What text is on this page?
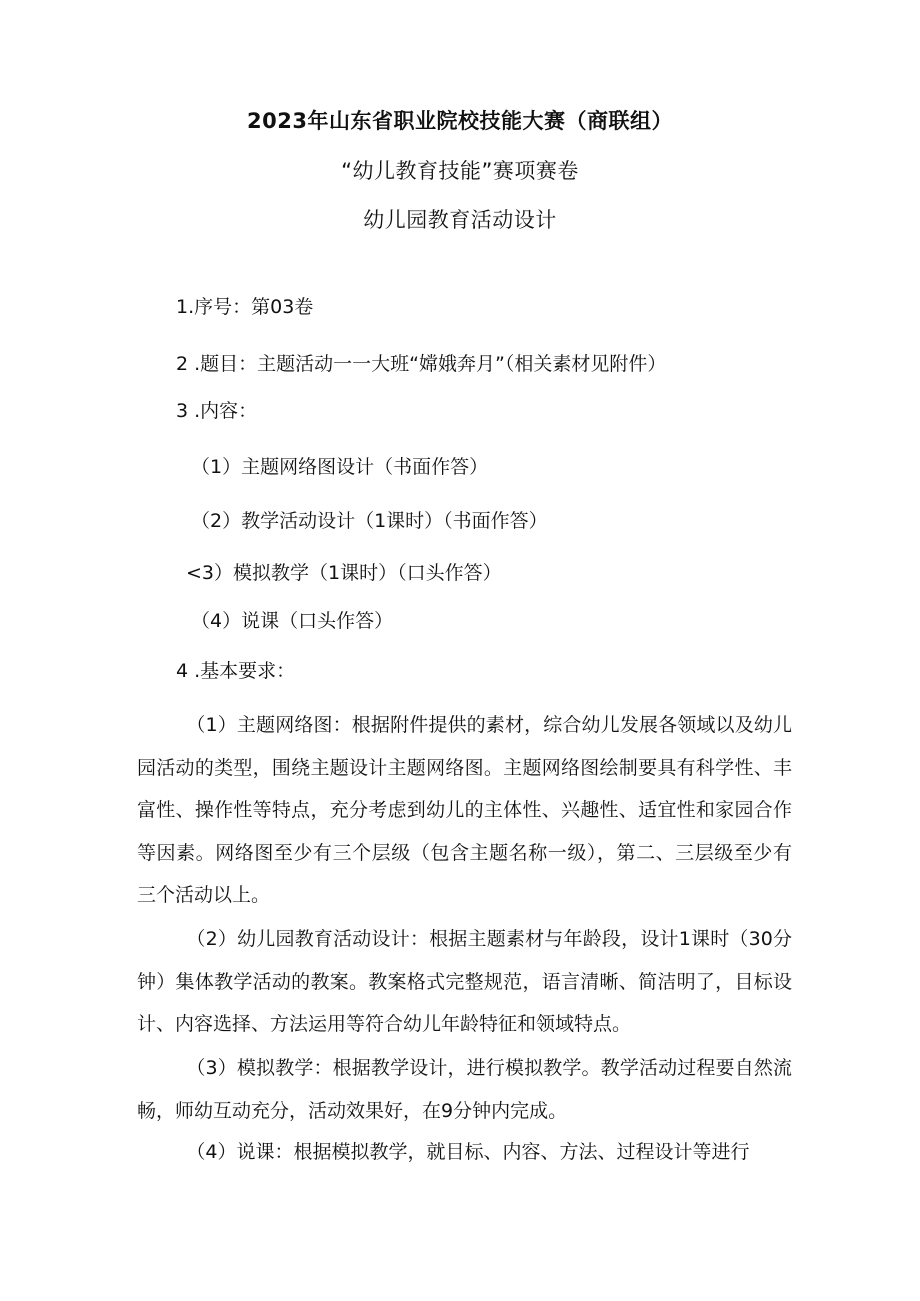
2023年山东省职业院校技能大赛（商联组）
“幼儿教育技能”赛项赛卷
幼儿园教育活动设计
1.序号：第03卷
2 .题目：主题活动一一大班“嫦娥奔月”（相关素材见附件）
3 .内容：
（1）主题网络图设计（书面作答）
（2）教学活动设计（1课时）（书面作答）
<3）模拟教学（1课时）（口头作答）
（4）说课（口头作答）
4 .基本要求：
（1）主题网络图：根据附件提供的素材，综合幼儿发展各领域以及幼儿园活动的类型，围绕主题设计主题网络图。主题网络图绘制要具有科学性、丰富性、操作性等特点，充分考虑到幼儿的主体性、兴趣性、适宜性和家园合作等因素。网络图至少有三个层级（包含主题名称一级），第二、三层级至少有三个活动以上。
（2）幼儿园教育活动设计：根据主题素材与年龄段，设计1课时（30分钟）集体教学活动的教案。教案格式完整规范，语言清晰、简洁明了，目标设计、内容选择、方法运用等符合幼儿年龄特征和领域特点。
（3）模拟教学：根据教学设计，进行模拟教学。教学活动过程要自然流畅，师幼互动充分，活动效果好，在9分钟内完成。
（4）说课：根据模拟教学，就目标、内容、方法、过程设计等进行
